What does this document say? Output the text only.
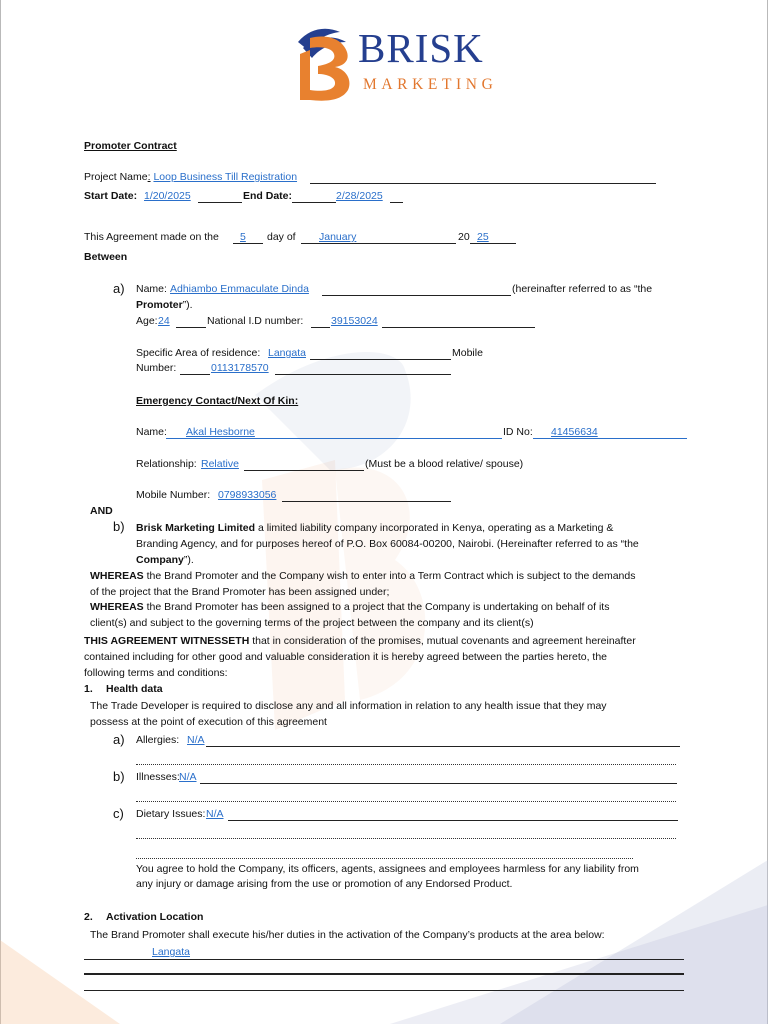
BRISK
MARKETING
Promoter Contract
Project Name: Loop Business Till Registration
Start Date: 1/20/2025	End Date:	2/28/2025
This Agreement made on the 5 day of January	20 25
Between
a) Name: Adhiambo Emmaculate Dinda	(hereinafter referred to as “the
Promoter”).
Age: 24	National I.D number:	39153024
Specific Area of residence: Langata	Mobile
Number:	0113178570
Emergency Contact/Next Of Kin:
Name: Akal Hesborne	ID No: 41456634
Relationship: Relative	(Must be a blood relative/ spouse)
Mobile Number: 0798933056
AND
b) Brisk Marketing Limited a limited liability company incorporated in Kenya, operating as a Marketing &
Branding Agency, and for purposes hereof of P.O. Box 60084-00200, Nairobi. (Hereinafter referred to as “the
Company”).
WHEREAS the Brand Promoter and the Company wish to enter into a Term Contract which is subject to the demands
of the project that the Brand Promoter has been assigned under;
WHEREAS the Brand Promoter has been assigned to a project that the Company is undertaking on behalf of its
client(s) and subject to the governing terms of the project between the company and its client(s)
THIS AGREEMENT WITNESSETH that in consideration of the promises, mutual covenants and agreement hereinafter
contained including for other good and valuable consideration it is hereby agreed between the parties hereto, the
following terms and conditions:
1. Health data
The Trade Developer is required to disclose any and all information in relation to any health issue that they may
possess at the point of execution of this agreement
a) Allergies: N/A
b) Illnesses: N/A
c) Dietary Issues: N/A
You agree to hold the Company, its officers, agents, assignees and employees harmless for any liability from
any injury or damage arising from the use or promotion of any Endorsed Product.
2. Activation Location
The Brand Promoter shall execute his/her duties in the activation of the Company’s products at the area below:
Langata
